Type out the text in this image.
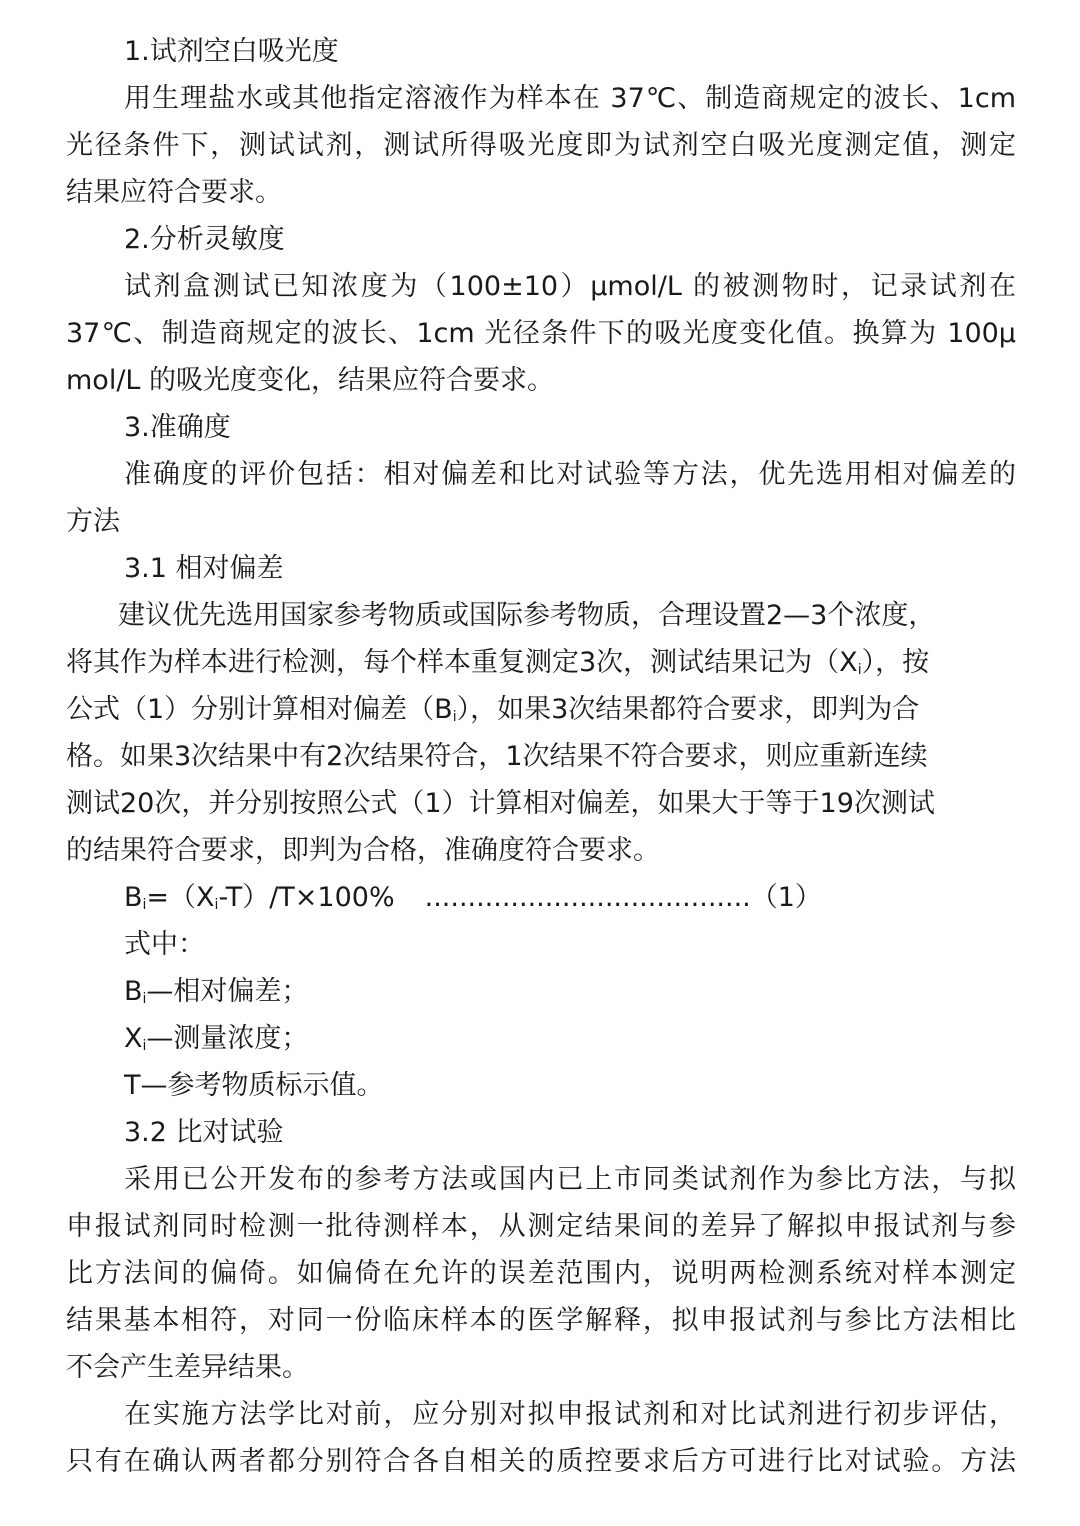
1.试剂空白吸光度
用生理盐水或其他指定溶液作为样本在 37℃、制造商规定的波长、1cm
光径条件下，测试试剂，测试所得吸光度即为试剂空白吸光度测定值，测定
结果应符合要求。
2.分析灵敏度
试剂盒测试已知浓度为（100±10）μmol/L 的被测物时，记录试剂在
37℃、制造商规定的波长、1cm 光径条件下的吸光度变化值。换算为 100μ
mol/L 的吸光度变化，结果应符合要求。
3.准确度
准确度的评价包括：相对偏差和比对试验等方法，优先选用相对偏差的
方法
3.1 相对偏差
建议优先选用国家参考物质或国际参考物质，合理设置2—3个浓度，
将其作为样本进行检测，每个样本重复测定3次，测试结果记为$(X_i)$，按
公式（1）分别计算相对偏差$(B_i)$，如果3次结果都符合要求，即判为合
格。如果3次结果中有2次结果符合，1次结果不符合要求，则应重新连续
测试20次，并分别按照公式（1）计算相对偏差，如果大于等于19次测试
的结果符合要求，即判为合格，准确度符合要求。
$B_i=(X_i-T)/T\times 100\%$ ......................................（1）
式中：
$B_i—$相对偏差；
$X_i—$测量浓度；
T—参考物质标示值。
3.2 比对试验
采用已公开发布的参考方法或国内已上市同类试剂作为参比方法，与拟
申报试剂同时检测一批待测样本，从测定结果间的差异了解拟申报试剂与参
比方法间的偏倚。如偏倚在允许的误差范围内，说明两检测系统对样本测定
结果基本相符，对同一份临床样本的医学解释，拟申报试剂与参比方法相比
不会产生差异结果。
在实施方法学比对前，应分别对拟申报试剂和对比试剂进行初步评估，
只有在确认两者都分别符合各自相关的质控要求后方可进行比对试验。方法
